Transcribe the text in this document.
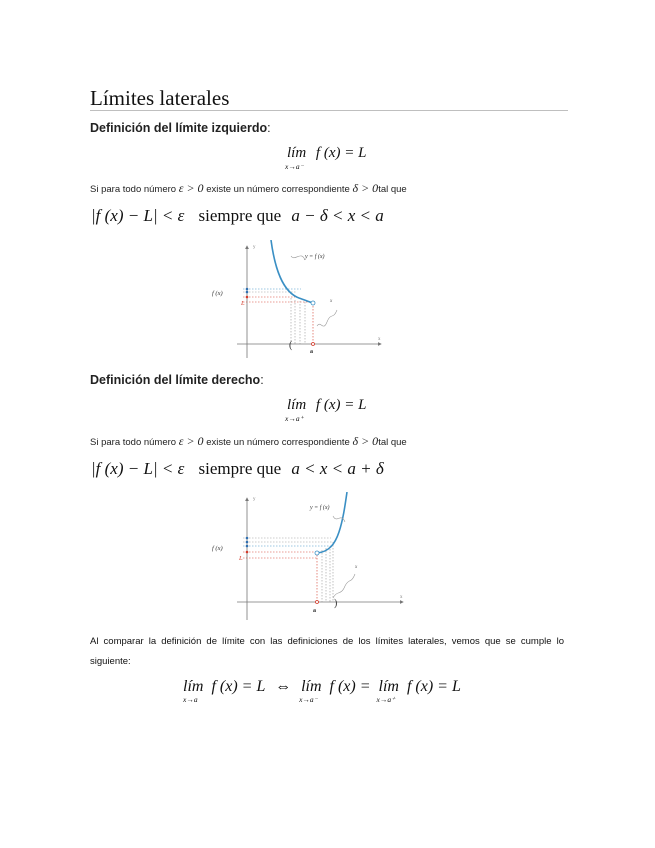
Límites laterales
Definición del límite izquierdo:
lím
x→a⁻
f (x) = L
Si para todo número ε > 0 existe un número correspondiente δ > 0tal que
|f (x) − L| < ε siempre que a − δ < x < a
y
x
x
y = f (x)
f (x)
L
(
a
Definición del límite derecho:
lím
x→a⁺
f (x) = L
Si para todo número ε > 0 existe un número correspondiente δ > 0tal que
|f (x) − L| < ε siempre que a < x < a + δ
y
x
x
y = f (x)
f (x)
L
)
a
Al comparar la definición de límite con las definiciones de los límites laterales, vemos que se cumple lo siguiente:
lím
x→a
f (x) = L ⇔ lím
x→a⁻
f (x) = lím
x→a⁺
f (x) = L
